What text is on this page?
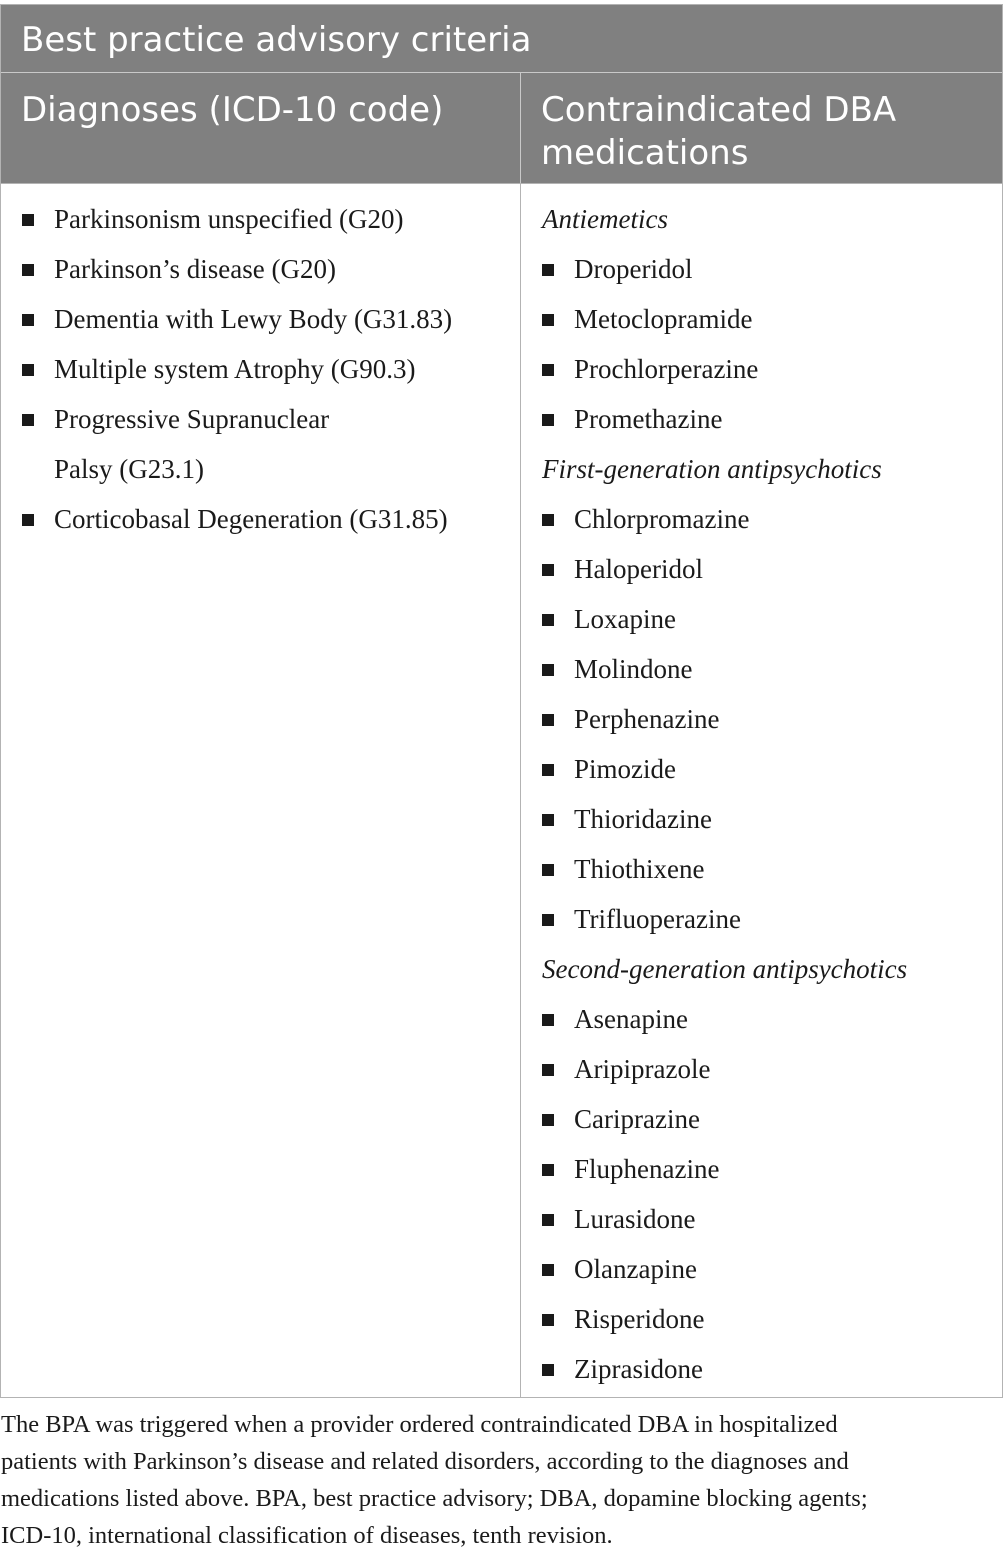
Best practice advisory criteria
Diagnoses (ICD-10 code)	Contraindicated DBA
medications
Parkinsonism unspecified (G20)
Parkinson’s disease (G20)
Dementia with Lewy Body (G31.83)
Multiple system Atrophy (G90.3)
Progressive Supranuclear
Palsy (G23.1)
Corticobasal Degeneration (G31.85)
Antiemetics
Droperidol
Metoclopramide
Prochlorperazine
Promethazine
First-generation antipsychotics
Chlorpromazine
Haloperidol
Loxapine
Molindone
Perphenazine
Pimozide
Thioridazine
Thiothixene
Trifluoperazine
Second-generation antipsychotics
Asenapine
Aripiprazole
Cariprazine
Fluphenazine
Lurasidone
Olanzapine
Risperidone
Ziprasidone
The BPA was triggered when a provider ordered contraindicated DBA in hospitalized
patients with Parkinson’s disease and related disorders, according to the diagnoses and
medications listed above. BPA, best practice advisory; DBA, dopamine blocking agents;
ICD-10, international classification of diseases, tenth revision.
